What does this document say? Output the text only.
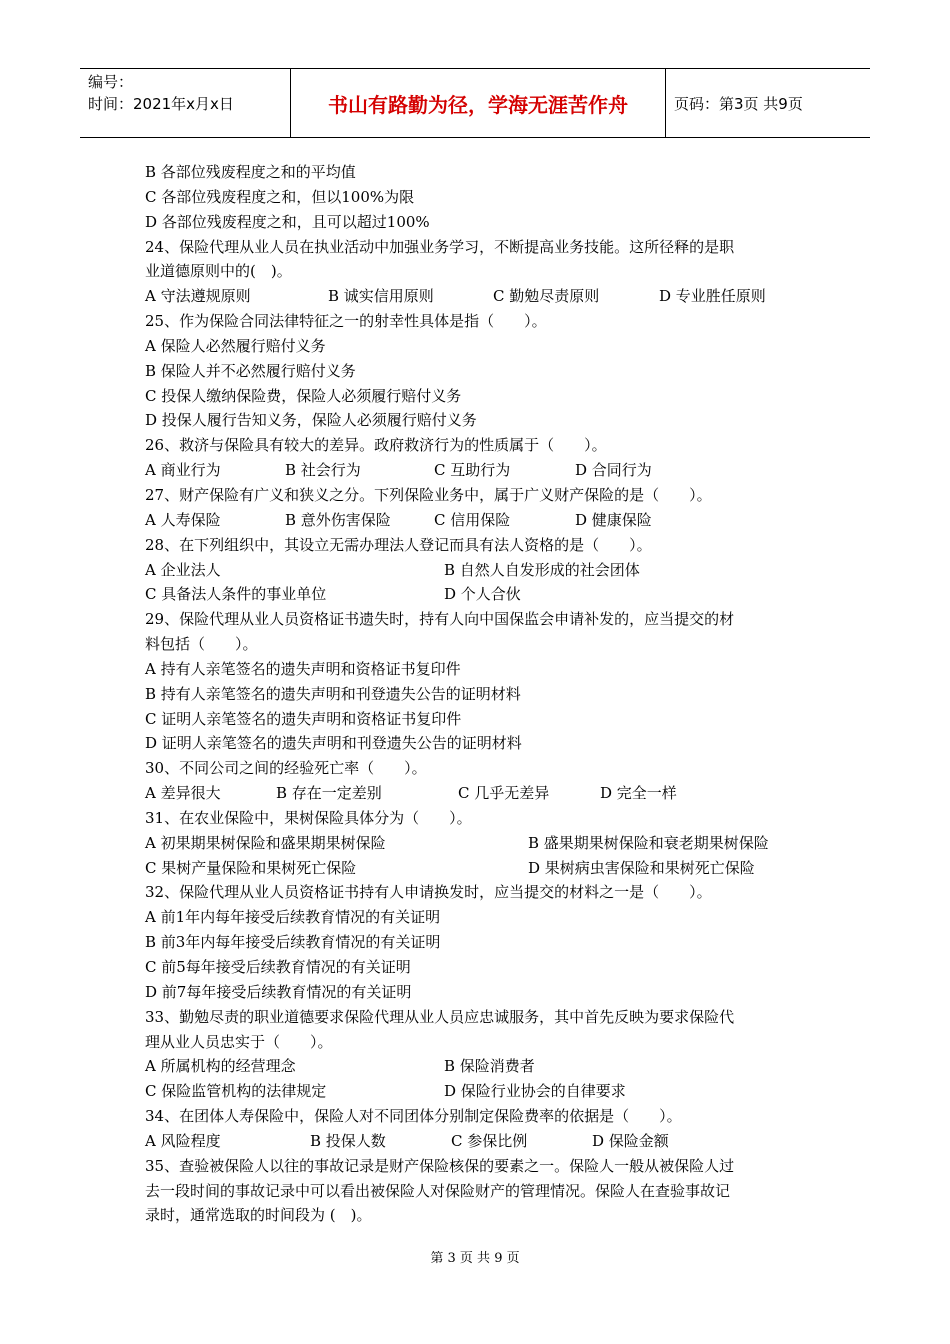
编号：
时间：2021年x月x日	书山有路勤为径，学海无涯苦作舟	页码：第3页 共9页
B 各部位残废程度之和的平均值
C 各部位残废程度之和，但以100%为限
D 各部位残废程度之和，且可以超过100%
24、保险代理从业人员在执业活动中加强业务学习，不断提高业务技能。这所径释的是职
业道德原则中的(　)。
A 守法遵规原则	B 诚实信用原则	C 勤勉尽责原则	D 专业胜任原则
25、作为保险合同法律特征之一的射幸性具体是指（　　）。
A 保险人必然履行赔付义务
B 保险人并不必然履行赔付义务
C 投保人缴纳保险费，保险人必须履行赔付义务
D 投保人履行告知义务，保险人必须履行赔付义务
26、救济与保险具有较大的差异。政府救济行为的性质属于（　　）。
A 商业行为	B 社会行为	C 互助行为	D 合同行为
27、财产保险有广义和狭义之分。下列保险业务中，属于广义财产保险的是（　　）。
A 人寿保险	B 意外伤害保险	C 信用保险	D 健康保险
28、在下列组织中，其设立无需办理法人登记而具有法人资格的是（　　）。
A 企业法人	B 自然人自发形成的社会团体
C 具备法人条件的事业单位	D 个人合伙
29、保险代理从业人员资格证书遗失时，持有人向中国保监会申请补发的，应当提交的材
料包括（　　）。
A 持有人亲笔签名的遗失声明和资格证书复印件
B 持有人亲笔签名的遗失声明和刊登遗失公告的证明材料
C 证明人亲笔签名的遗失声明和资格证书复印件
D 证明人亲笔签名的遗失声明和刊登遗失公告的证明材料
30、不同公司之间的经验死亡率（　　）。
A 差异很大	B 存在一定差别	C 几乎无差异	D 完全一样
31、在农业保险中，果树保险具体分为（　　）。
A 初果期果树保险和盛果期果树保险	B 盛果期果树保险和衰老期果树保险
C 果树产量保险和果树死亡保险	D 果树病虫害保险和果树死亡保险
32、保险代理从业人员资格证书持有人申请换发时，应当提交的材料之一是（　　）。
A 前1年内每年接受后续教育情况的有关证明
B 前3年内每年接受后续教育情况的有关证明
C 前5每年接受后续教育情况的有关证明
D 前7每年接受后续教育情况的有关证明
33、勤勉尽责的职业道德要求保险代理从业人员应忠诚服务，其中首先反映为要求保险代
理从业人员忠实于（　　）。
A 所属机构的经营理念	B 保险消费者
C 保险监管机构的法律规定	D 保险行业协会的自律要求
34、在团体人寿保险中，保险人对不同团体分别制定保险费率的依据是（　　）。
A 风险程度	B 投保人数	C 参保比例	D 保险金额
35、查验被保险人以往的事故记录是财产保险核保的要素之一。保险人一般从被保险人过
去一段时间的事故记录中可以看出被保险人对保险财产的管理情况。保险人在查验事故记
录时，通常选取的时间段为 (　)。
第 3 页 共 9 页
